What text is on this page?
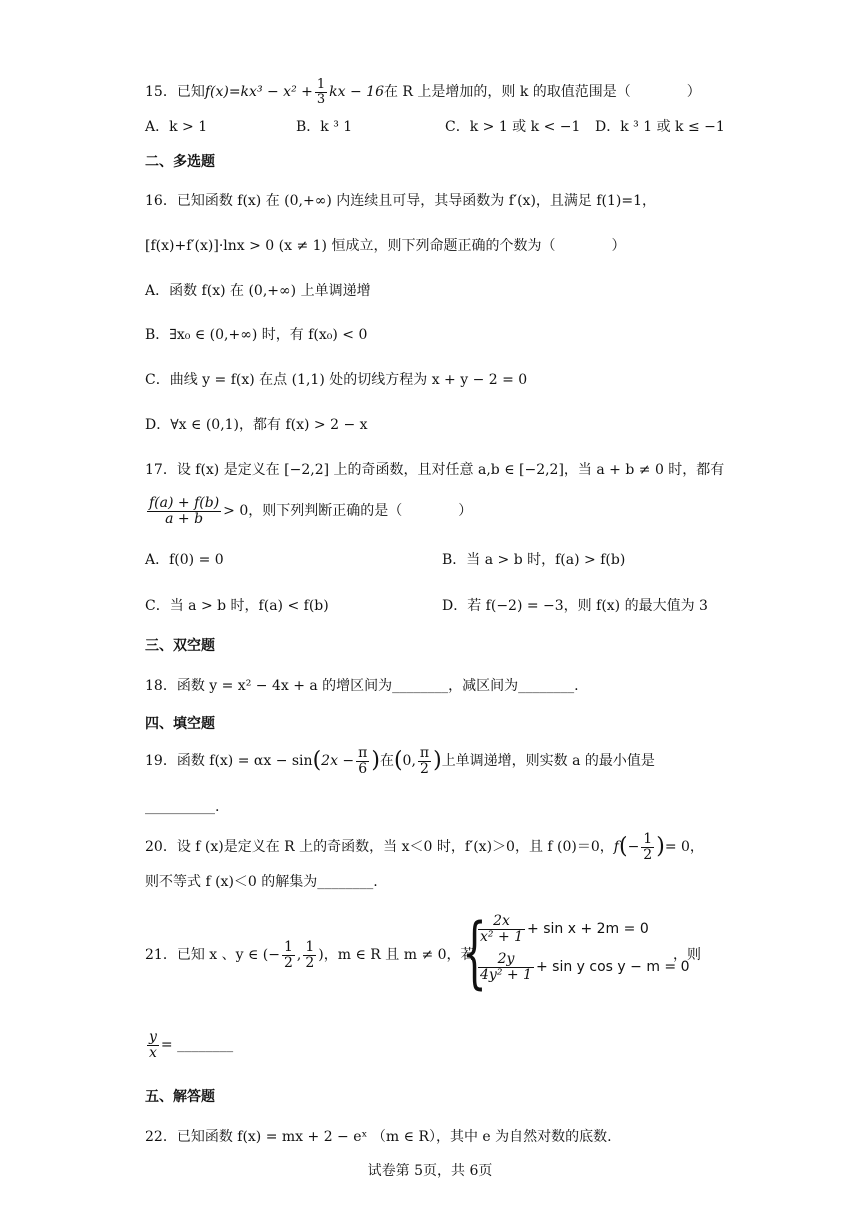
15．已知$f(x)=kx^3 - x^2 + \frac{1}{3}$ kx − 16在 R 上是增加的，则 k 的取值范围是（　　　　）
A．k > 1	B．k ³ 1	C．k > 1 或 k < −1 D．k ³ 1 或 k ≤ −1
二、多选题
16．已知函数 f(x) 在 (0,+∞) 内连续且可导，其导函数为 f′(x)，且满足 f(1)=1，
[f(x)+f′(x)]·lnx > 0 (x ≠ 1) 恒成立，则下列命题正确的个数为（　　　　）
A．函数 f(x) 在 (0,+∞) 上单调递增
B．∃x₀ ∈ (0,+∞) 时，有 f(x₀) < 0
C．曲线 y = f(x) 在点 (1,1) 处的切线方程为 x + y − 2 = 0
D．∀x ∈ (0,1)，都有 f(x) > 2 − x
17．设 f(x) 是定义在 [−2,2] 上的奇函数，且对任意 a,b ∈ [−2,2]，当 a + b ≠ 0 时，都有
$\frac{f(a) + f(b)}{a + b} > 0$，则下列判断正确的是（　　　　）
A．f(0) = 0	B．当 a > b 时，f(a) > f(b)
C．当 a > b 时，f(a) < f(b)	D．若 f(−2) = −3，则 f(x) 的最大值为 3
三、双空题
18．函数 y = x² − 4x + a 的增区间为________，减区间为________.
四、填空题
19．函数 $f(x) = \alpha x - \sin(2x - \frac{\pi}{6}$ )在(0, $\frac{\pi}{2}$ )上单调递增，则实数 a 的最小值是
__________.
20．设 f (x)是定义在 R 上的奇函数，当 x＜0 时，f′(x)＞0，且 f (0)＝0，$f(- \frac{1}{2}$ )= 0，
则不等式 f (x)＜0 的解集为________.
21．已知 x 、y ∈ (− $\frac{1}{2}$ , $\frac{1}{2}$ )，m ∈ R 且 m ≠ 0，若
{
$\frac{2x}{\text{x² + 1}} + \sin x + 2m = 0$
$\frac{2y}{\text{4y² + 1}} + \sin y$ cos y − m = 0
，则
$\frac{y}{x}$ = ________
五、解答题
22．已知函数 f(x) = mx + 2 − eˣ （m ∈ R），其中 e 为自然对数的底数.
试卷第 5页，共 6页
